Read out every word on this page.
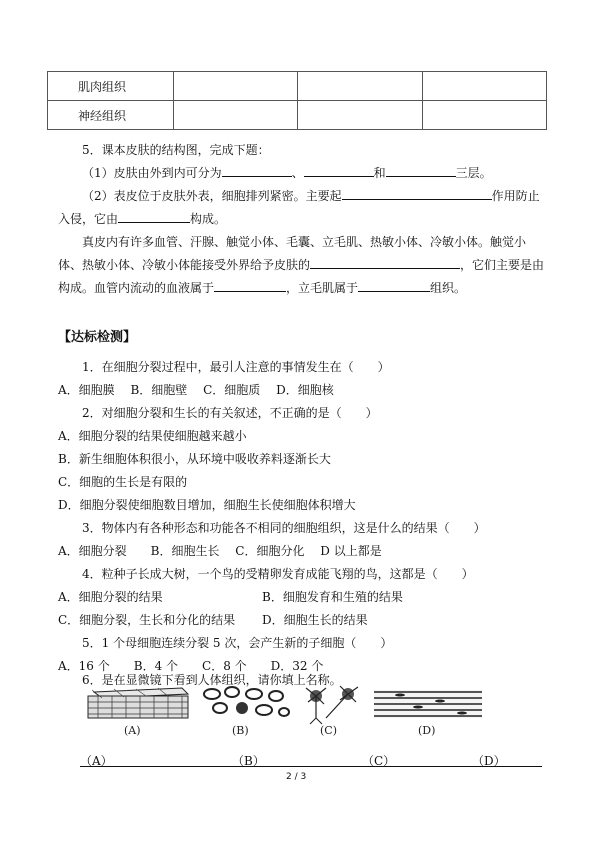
肌肉组织			
神经组织			
5．课本皮肤的结构图，完成下题：
（1）皮肤由外到内可分为	、	和	三层。
（2）表皮位于皮肤外表，细胞排列紧密。主要起	作用防止
入侵，它由	构成。
真皮内有许多血管、汗腺、触觉小体、毛囊、立毛肌、热敏小体、冷敏小体。触觉小
体、热敏小体、冷敏小体能接受外界给予皮肤的	，它们主要是由
构成。血管内流动的血液属于	，立毛肌属于	组织。
【达标检测】
1．在细胞分裂过程中，最引人注意的事情发生在（　　）
A．细胞膜　 B．细胞壁　 C．细胞质　 D．细胞核
2．对细胞分裂和生长的有关叙述，不正确的是（　　）
A．细胞分裂的结果使细胞越来越小
B．新生细胞体积很小，从环境中吸收养料逐渐长大
C．细胞的生长是有限的
D．细胞分裂使细胞数目增加，细胞生长使细胞体积增大
3．物体内有各种形态和功能各不相同的细胞组织，这是什么的结果（　　）
A．细胞分裂　　B．细胞生长　 C．细胞分化　 D 以上都是
4．粒种子长成大树，一个鸟的受精卵发育成能飞翔的鸟，这都是（　　）
A．细胞分裂的结果	B．细胞发育和生殖的结果
C．细胞分裂，生长和分化的结果 D．细胞生长的结果
5．1 个母细胞连续分裂 5 次，会产生新的子细胞（　　）
A．16 个　　B．4 个　　C．8 个　　D．32 个
6．是在显微镜下看到人体组织，请你填上名称。
(A)	(B)	(C)	(D)
（A）	（B）	（C）	（D）
2 / 3
